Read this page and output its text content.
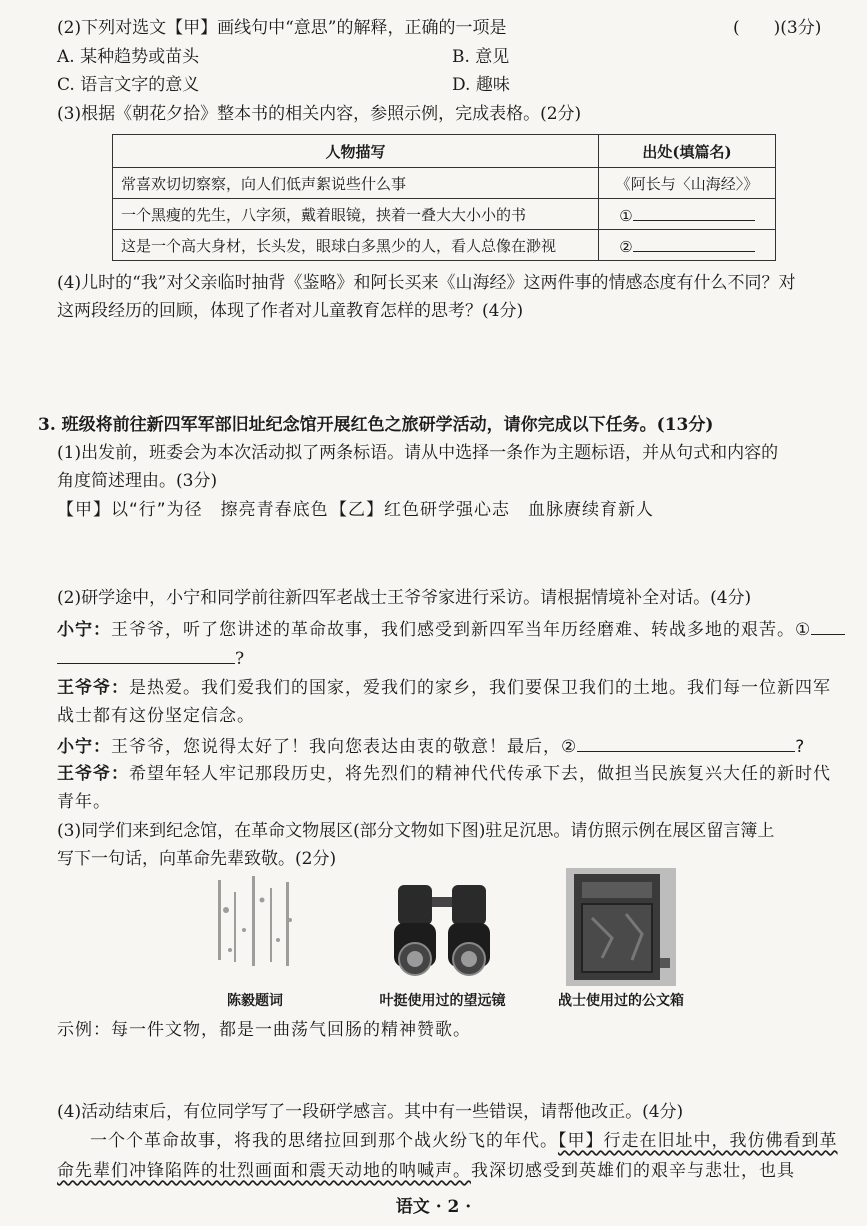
(2)下列对选文【甲】画线句中“意思”的解释，正确的一项是	(　　)(3分)
A. 某种趋势或苗头	B. 意见
C. 语言文字的意义	D. 趣味
(3)根据《朝花夕拾》整本书的相关内容，参照示例，完成表格。(2分)
人物描写	出处(填篇名)
常喜欢切切察察，向人们低声絮说些什么事	《阿长与〈山海经〉》
一个黑瘦的先生，八字须，戴着眼镜，挟着一叠大大小小的书	①
这是一个高大身材，长头发，眼球白多黑少的人，看人总像在渺视	②
(4)儿时的“我”对父亲临时抽背《鉴略》和阿长买来《山海经》这两件事的情感态度有什么不同？对
这两段经历的回顾，体现了作者对儿童教育怎样的思考？(4分)
3. 班级将前往新四军军部旧址纪念馆开展红色之旅研学活动，请你完成以下任务。(13分)
(1)出发前，班委会为本次活动拟了两条标语。请从中选择一条作为主题标语，并从句式和内容的
角度简述理由。(3分)
【甲】以“行”为径　擦亮青春底色 【乙】红色研学强心志　血脉赓续育新人
(2)研学途中，小宁和同学前往新四军老战士王爷爷家进行采访。请根据情境补全对话。(4分)
小宁：王爷爷，听了您讲述的革命故事，我们感受到新四军当年历经磨难、转战多地的艰苦。①
?
王爷爷：是热爱。我们爱我们的国家，爱我们的家乡，我们要保卫我们的土地。我们每一位新四军
战士都有这份坚定信念。
小宁：王爷爷，您说得太好了！我向您表达由衷的敬意！最后，②	?
王爷爷：希望年轻人牢记那段历史，将先烈们的精神代代传承下去，做担当民族复兴大任的新时代
青年。
(3)同学们来到纪念馆，在革命文物展区(部分文物如下图)驻足沉思。请仿照示例在展区留言簿上
写下一句话，向革命先辈致敬。(2分)
陈毅题词	叶挺使用过的望远镜	战士使用过的公文箱
示例：每一件文物，都是一曲荡气回肠的精神赞歌。
(4)活动结束后，有位同学写了一段研学感言。其中有一些错误，请帮他改正。(4分)
一个个革命故事，将我的思绪拉回到那个战火纷飞的年代。【甲】行走在旧址中，我仿佛看到革
命先辈们冲锋陷阵的壮烈画面和震天动地的呐喊声。我深切感受到英雄们的艰辛与悲壮，也具
语文 · 2 ·
